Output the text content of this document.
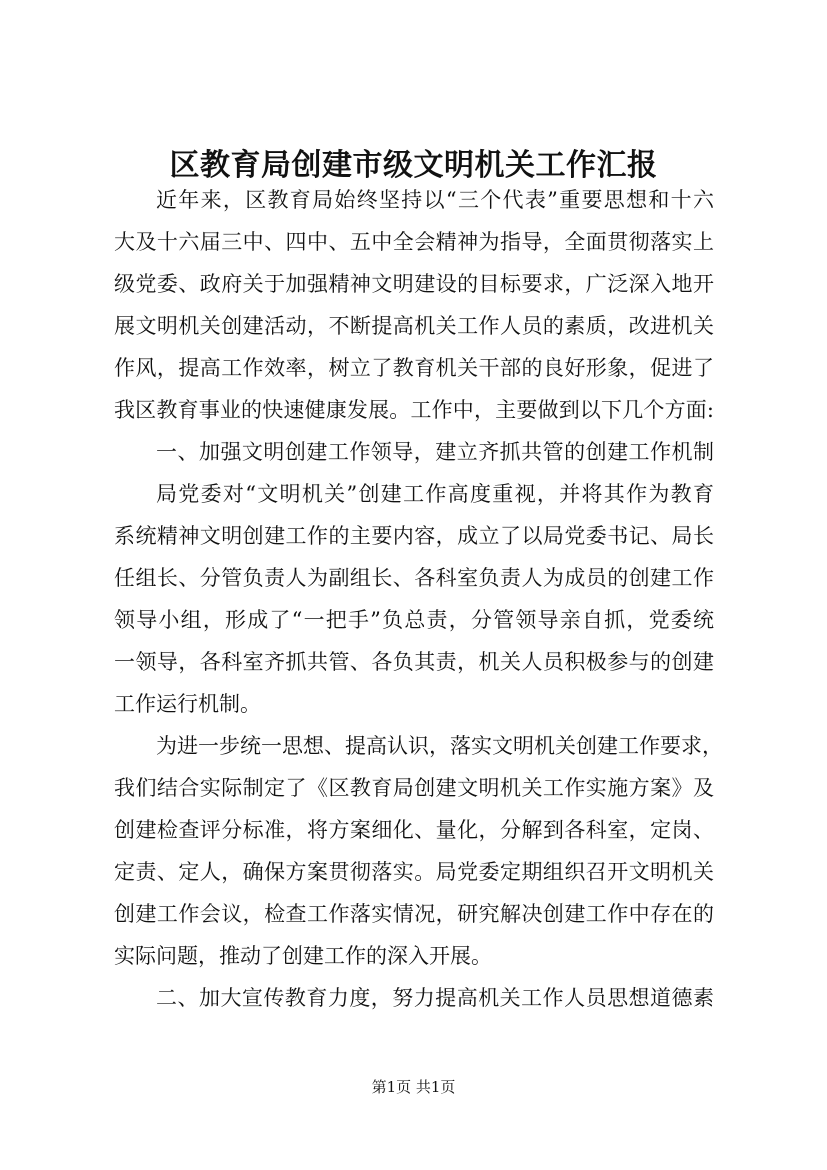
区教育局创建市级文明机关工作汇报
近年来，区教育局始终坚持以“三个代表”重要思想和十六
大及十六届三中、四中、五中全会精神为指导，全面贯彻落实上
级党委、政府关于加强精神文明建设的目标要求，广泛深入地开
展文明机关创建活动，不断提高机关工作人员的素质，改进机关
作风，提高工作效率，树立了教育机关干部的良好形象，促进了
我区教育事业的快速健康发展。工作中，主要做到以下几个方面:
一、加强文明创建工作领导，建立齐抓共管的创建工作机制
局党委对“文明机关”创建工作高度重视，并将其作为教育
系统精神文明创建工作的主要内容，成立了以局党委书记、局长
任组长、分管负责人为副组长、各科室负责人为成员的创建工作
领导小组，形成了“一把手”负总责，分管领导亲自抓，党委统
一领导，各科室齐抓共管、各负其责，机关人员积极参与的创建
工作运行机制。
为进一步统一思想、提高认识，落实文明机关创建工作要求，
我们结合实际制定了《区教育局创建文明机关工作实施方案》及
创建检查评分标准，将方案细化、量化，分解到各科室，定岗、
定责、定人，确保方案贯彻落实。局党委定期组织召开文明机关
创建工作会议，检查工作落实情况，研究解决创建工作中存在的
实际问题，推动了创建工作的深入开展。
二、加大宣传教育力度，努力提高机关工作人员思想道德素
第1页 共1页
